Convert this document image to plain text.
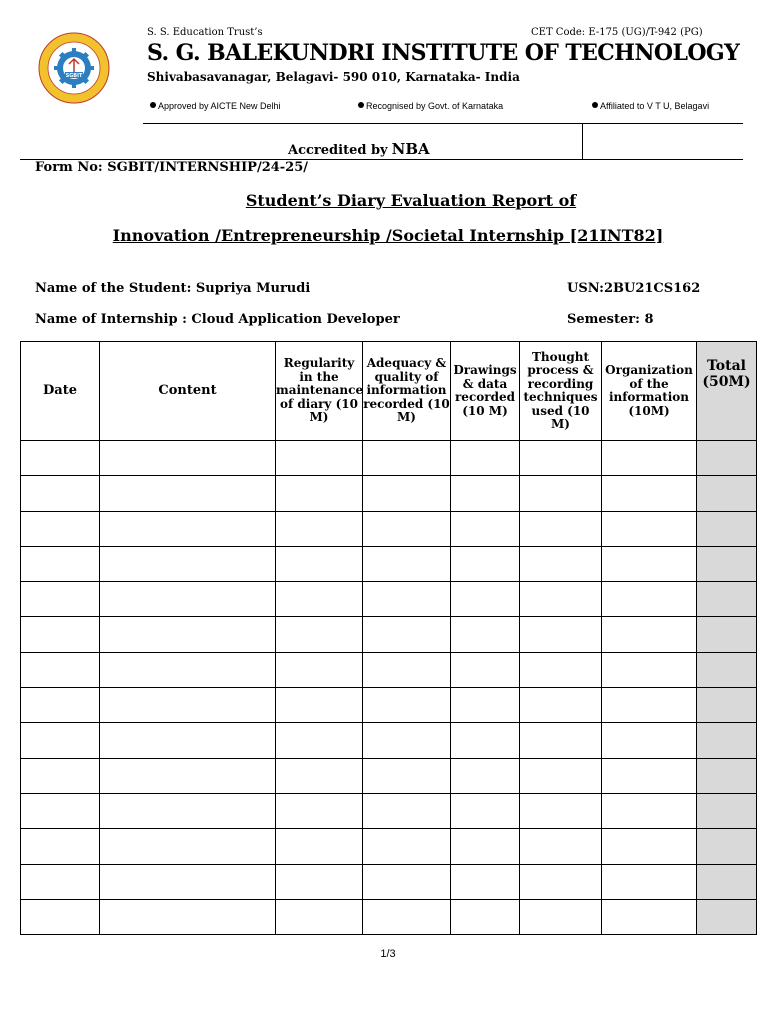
SGBIT
S. S. Education Trust’s	CET Code: E-175 (UG)/T-942 (PG)
S. G. BALEKUNDRI INSTITUTE OF TECHNOLOGY
Shivabasavanagar, Belagavi- 590 010, Karnataka- India
Approved by AICTE New Delhi	Recognised by Govt. of Karnataka	Affiliated to V T U, Belagavi
Accredited by NBA
Form No: SGBIT/INTERNSHIP/24-25/
Student’s Diary Evaluation Report of
Innovation /Entrepreneurship /Societal Internship [21INT82]
Name of the Student: Supriya Murudi	USN:2BU21CS162
Name of Internship : Cloud Application Developer	Semester: 8
Date	Content	Regularity in the maintenance of diary (10 M)	Adequacy & quality of information recorded (10 M)	Drawings & data recorded (10 M)	Thought process & recording techniques used (10 M)	Organization of the information (10M)	Total (50M)

1/3
